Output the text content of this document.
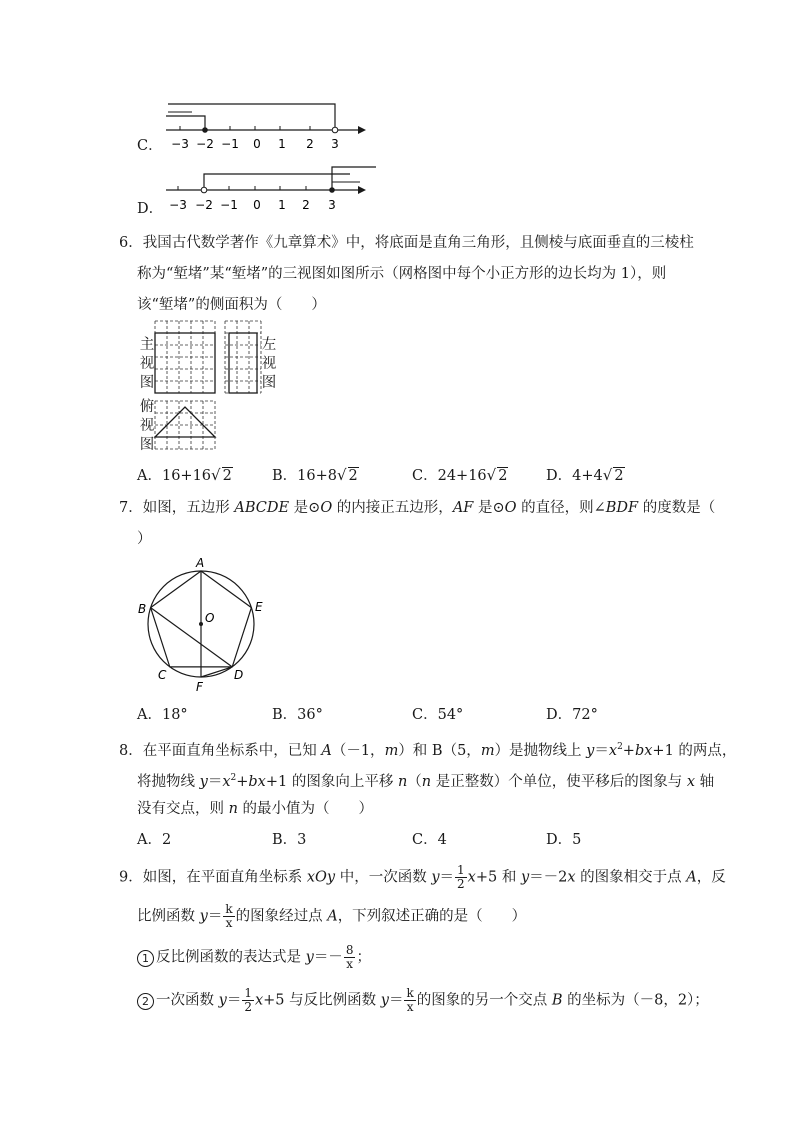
C． −3 −2 −1 0 1 2 3
D． −3 −2 −1 0 1 2 3
6．我国古代数学著作《九章算术》中，将底面是直角三角形，且侧棱与底面垂直的三棱柱
称为“堑堵”某“堑堵”的三视图如图所示（网格图中每个小正方形的边长均为 1），则
该“堑堵”的侧面积为（　　）
主
视
图
左
视
图
俯
视
图
A．16+16√ 2	B．16+8√ 2	C．24+16√ 2	D．4+4√ 2
7．如图，五边形 ABCDE 是⊙O 的内接正五边形，AF 是⊙O 的直径，则∠BDF 的度数是（
）
A
B
C	D
E
F
O
A．18°	B．36°	C．54°	D．72°
8．在平面直角坐标系中，已知 A（－1，m）和 B（5，m）是抛物线上 $y=x^2+bx+1$ 的两点，
将抛物线 $y=x^2+bx+1$ 的图象向上平移 n（n 是正整数）个单位，使平移后的图象与 x 轴
没有交点，则 n 的最小值为（　　）
A．2	B．3	C．4	D．5
9．如图，在平面直角坐标系 xOy 中，一次函数 $y= \frac{1}{2} x+5$ 和 y＝－2x 的图象相交于点 A，反
比例函数 $y= \frac{k}{x}$ 的图象经过点 A，下列叙述正确的是（　　）
1 反比例函数的表达式是 $y=- \frac{8}{x}$ ；
2 一次函数 $y= \frac{1}{2} x+5$ 与反比例函数 $y= \frac{k}{x}$ 的图象的另一个交点 B 的坐标为（－8，2）；
